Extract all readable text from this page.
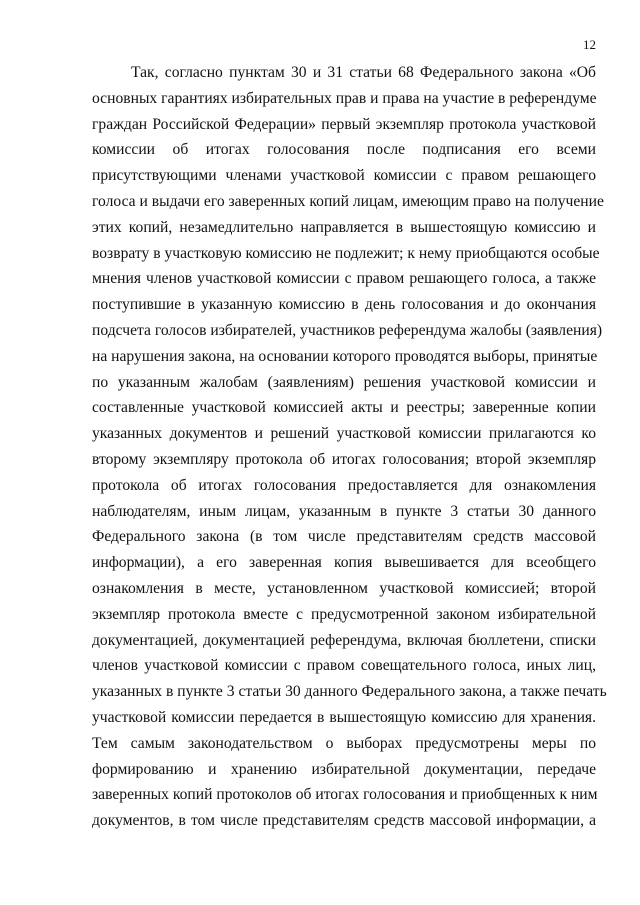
12
Так, согласно пунктам 30 и 31 статьи 68 Федерального закона «Об
основных гарантиях избирательных прав и права на участие в референдуме
граждан Российской Федерации» первый экземпляр протокола участковой
комиссии об итогах голосования после подписания его всеми
присутствующими членами участковой комиссии с правом решающего
голоса и выдачи его заверенных копий лицам, имеющим право на получение
этих копий, незамедлительно направляется в вышестоящую комиссию и
возврату в участковую комиссию не подлежит; к нему приобщаются особые
мнения членов участковой комиссии с правом решающего голоса, а также
поступившие в указанную комиссию в день голосования и до окончания
подсчета голосов избирателей, участников референдума жалобы (заявления)
на нарушения закона, на основании которого проводятся выборы, принятые
по указанным жалобам (заявлениям) решения участковой комиссии и
составленные участковой комиссией акты и реестры; заверенные копии
указанных документов и решений участковой комиссии прилагаются ко
второму экземпляру протокола об итогах голосования; второй экземпляр
протокола об итогах голосования предоставляется для ознакомления
наблюдателям, иным лицам, указанным в пункте 3 статьи 30 данного
Федерального закона (в том числе представителям средств массовой
информации), а его заверенная копия вывешивается для всеобщего
ознакомления в месте, установленном участковой комиссией; второй
экземпляр протокола вместе с предусмотренной законом избирательной
документацией, документацией референдума, включая бюллетени, списки
членов участковой комиссии с правом совещательного голоса, иных лиц,
указанных в пункте 3 статьи 30 данного Федерального закона, а также печать
участковой комиссии передается в вышестоящую комиссию для хранения.
Тем самым законодательством о выборах предусмотрены меры по
формированию и хранению избирательной документации, передаче
заверенных копий протоколов об итогах голосования и приобщенных к ним
документов, в том числе представителям средств массовой информации, а
